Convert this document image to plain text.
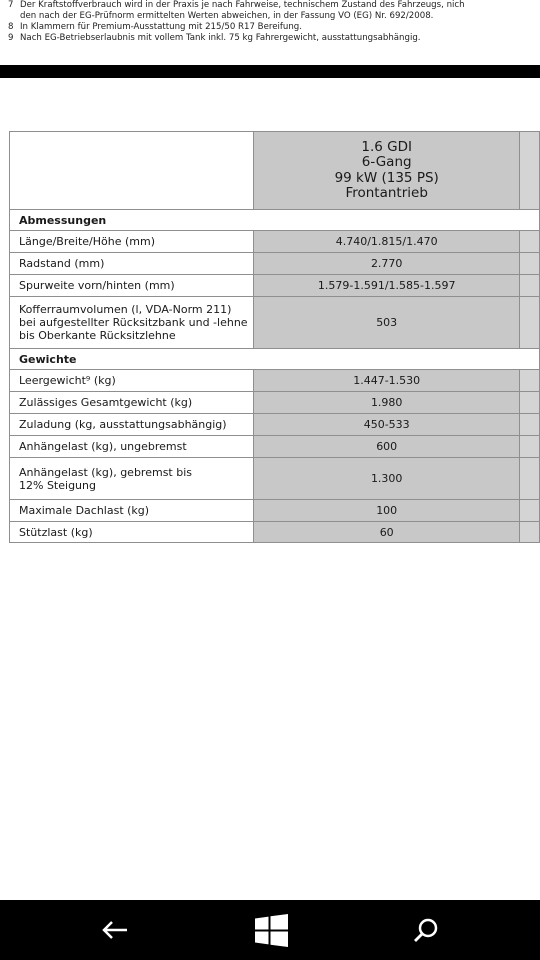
7 Der Kraftstoffverbrauch wird in der Praxis je nach Fahrweise, technischem Zustand des Fahrzeugs, nich
den nach der EG-Prüfnorm ermittelten Werten abweichen, in der Fassung VO (EG) Nr. 692/2008.
8 In Klammern für Premium-Ausstattung mit 215/50 R17 Bereifung.
9 Nach EG-Betriebserlaubnis mit vollem Tank inkl. 75 kg Fahrergewicht, ausstattungsabhängig.

	1.6 GDI
6-Gang
99 kW (135 PS)
Frontantrieb	

Abmessungen		
Länge/Breite/Höhe (mm)	4.740/1.815/1.470	
Radstand (mm)	2.770	
Spurweite vorn/hinten (mm)	1.579-1.591/1.585-1.597	

Kofferraumvolumen (l, VDA-Norm 211)
bei aufgestellter Rücksitzbank und -lehne
bis Oberkante Rücksitzlehne	503	
Gewichte		
Leergewicht⁹ (kg)	1.447-1.530	
Zulässiges Gesamtgewicht (kg)	1.980	
Zuladung (kg, ausstattungsabhängig)	450-533	
Anhängelast (kg), ungebremst	600	

Anhängelast (kg), gebremst bis
12% Steigung	1.300	
Maximale Dachlast (kg)	100	
Stützlast (kg)	60	
